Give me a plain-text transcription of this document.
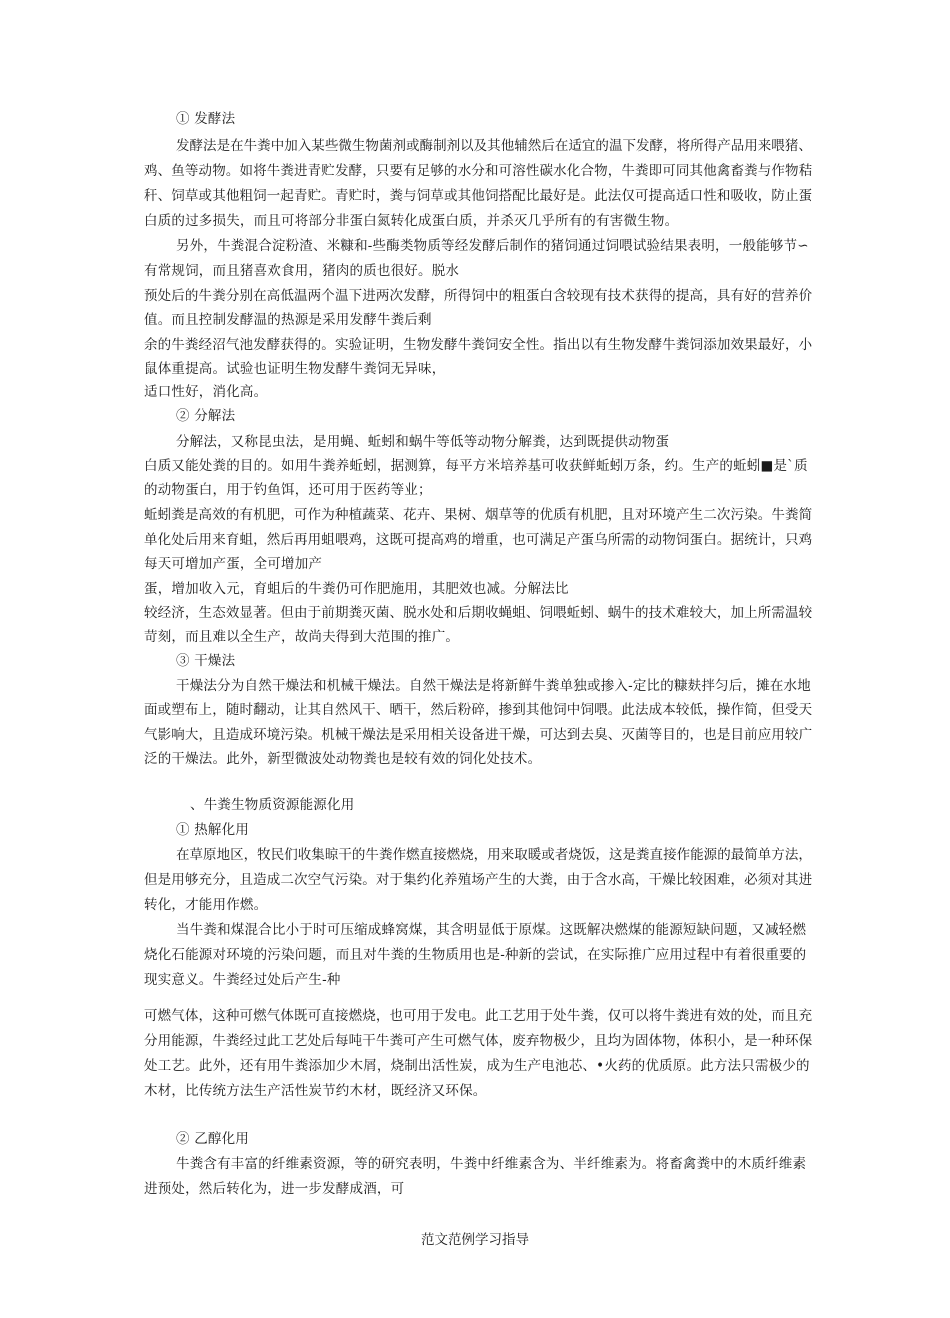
① 发酵法
发酵法是在牛粪中加入某些微生物菌剂或酶制剂以及其他辅然后在适宜的温下发酵，将所得产品用来喂猪、
鸡、鱼等动物。如将牛粪进青贮发酵，只要有足够的水分和可溶性碳水化合物，牛粪即可同其他禽畜粪与作物秸
秆、饲草或其他粗饲一起青贮。青贮时，粪与饲草或其他饲搭配比最好是。此法仅可提高适口性和吸收，防止蛋
白质的过多损失，而且可将部分非蛋白氮转化成蛋白质，并杀灭几乎所有的有害微生物。
另外，牛粪混合淀粉渣、米糠和-些酶类物质等经发酵后制作的猪饲通过饲喂试验结果表明，一般能够节∽
有常规饲，而且猪喜欢食用，猪肉的质也很好。脱水
预处后的牛粪分别在高低温两个温下进两次发酵，所得饲中的粗蛋白含较现有技术获得的提高，具有好的营养价
值。而且控制发酵温的热源是采用发酵牛粪后剩
余的牛粪经沼气池发酵获得的。实验证明，生物发酵牛粪饲安全性。指出以有生物发酵牛粪饲添加效果最好，小
鼠体重提高。试验也证明生物发酵牛粪饲无异味，
适口性好，消化高。
② 分解法
分解法，又称昆虫法，是用蝇、蚯蚓和蜗牛等低等动物分解粪，达到既提供动物蛋
白质又能处粪的目的。如用牛粪养蚯蚓，据测算，每平方米培养基可收获鲜蚯蚓万条，约。生产的蚯蚓■是`质
的动物蛋白，用于钓鱼饵，还可用于医药等业；
蚯蚓粪是高效的有机肥，可作为种植蔬菜、花卉、果树、烟草等的优质有机肥，且对环境产生二次污染。牛粪简
单化处后用来育蛆，然后再用蛆喂鸡，这既可提高鸡的增重，也可满足产蛋乌所需的动物饲蛋白。据统计，只鸡
每天可增加产蛋，全可增加产
蛋，增加收入元，育蛆后的牛粪仍可作肥施用，其肥效也减。分解法比
较经济，生态效显著。但由于前期粪灭菌、脱水处和后期收蝇蛆、饲喂蚯蚓、蜗牛的技术难较大，加上所需温较
苛刻，而且难以全生产，故尚夫得到大范围的推广。
③ 干燥法
干燥法分为自然干燥法和机械干燥法。自然干燥法是将新鲜牛粪单独或掺入-定比的糠麸拌匀后，摊在水地
面或塑布上，随时翻动，让其自然风干、晒干，然后粉碎，掺到其他饲中饲喂。此法成本较低，操作简，但受天
气影响大，且造成环境污染。机械干燥法是采用相关设备进干燥，可达到去臭、灭菌等目的，也是目前应用较广
泛的干燥法。此外，新型微波处动物粪也是较有效的饲化处技术。
、牛粪生物质资源能源化用
① 热解化用
在草原地区，牧民们收集晾干的牛粪作燃直接燃烧，用来取暖或者烧饭，这是粪直接作能源的最简单方法，
但是用够充分，且造成二次空气污染。对于集约化养殖场产生的大粪，由于含水高，干燥比较困难，必须对其进
转化，才能用作燃。
当牛粪和煤混合比小于时可压缩成蜂窝煤，其含明显低于原煤。这既解决燃煤的能源短缺问题，又减轻燃
烧化石能源对环境的污染问题，而且对牛粪的生物质用也是-种新的尝试，在实际推广应用过程中有着很重要的
现实意义。牛粪经过处后产生-种
可燃气体，这种可燃气体既可直接燃烧，也可用于发电。此工艺用于处牛粪，仅可以将牛粪进有效的处，而且充
分用能源，牛粪经过此工艺处后每吨干牛粪可产生可燃气体，废弃物极少，且均为固体物，体积小，是一种环保
处工艺。此外，还有用牛粪添加少木屑，烧制出活性炭，成为生产电池芯、•火药的优质原。此方法只需极少的
木材，比传统方法生产活性炭节约木材，既经济又环保。
② 乙醇化用
牛粪含有丰富的纤维素资源，等的研究表明，牛粪中纤维素含为、半纤维素为。将畜禽粪中的木质纤维素
进预处，然后转化为，进一步发酵成酒，可
范文范例学习指导
